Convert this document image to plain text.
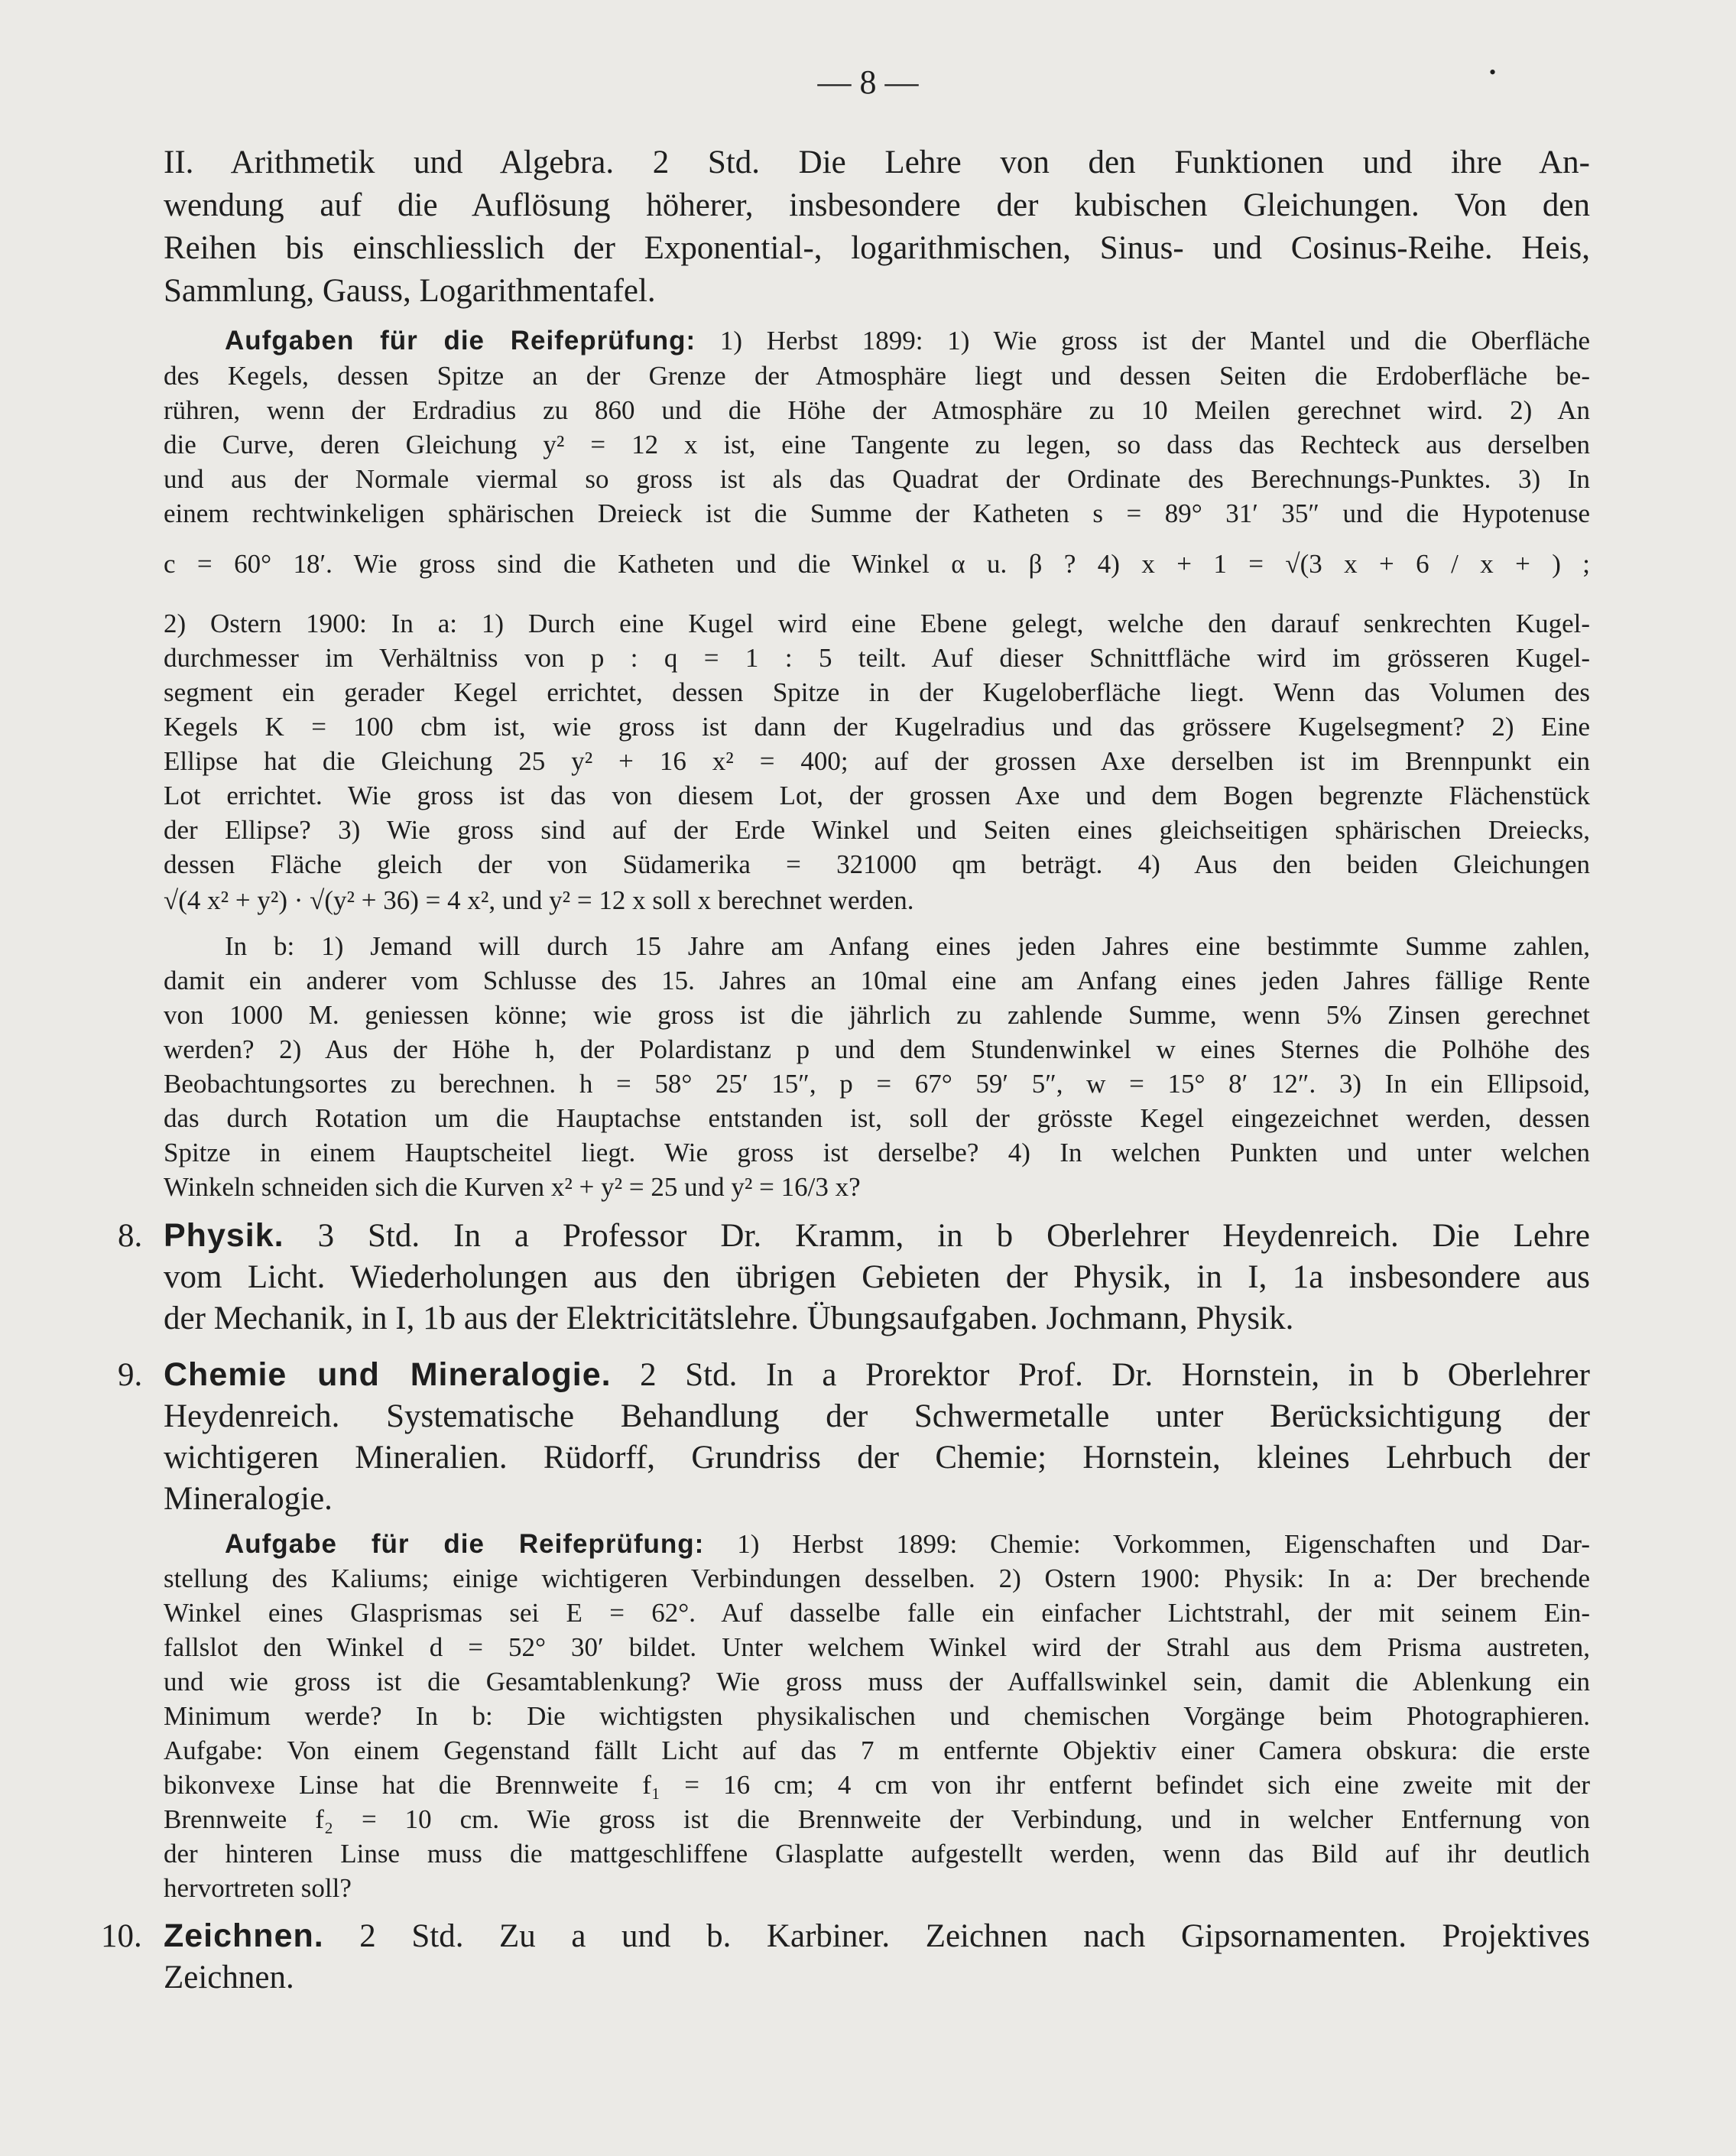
— 8 —	•
II. Arithmetik und Algebra. 2 Std. Die Lehre von den Funktionen und ihre An-
wendung auf die Auflösung höherer, insbesondere der kubischen Gleichungen. Von den
Reihen bis einschliesslich der Exponential-, logarithmischen, Sinus- und Cosinus-Reihe. Heis,
Sammlung, Gauss, Logarithmentafel.
Aufgaben für die Reifeprüfung: 1) Herbst 1899: 1) Wie gross ist der Mantel und die Oberfläche
des Kegels, dessen Spitze an der Grenze der Atmosphäre liegt und dessen Seiten die Erdoberfläche be-
rühren, wenn der Erdradius zu 860 und die Höhe der Atmosphäre zu 10 Meilen gerechnet wird. 2) An
die Curve, deren Gleichung y² = 12 x ist, eine Tangente zu legen, so dass das Rechteck aus derselben
und aus der Normale viermal so gross ist als das Quadrat der Ordinate des Berechnungs-Punktes. 3) In
einem rechtwinkeligen sphärischen Dreieck ist die Summe der Katheten s = 89° 31′ 35″ und die Hypotenuse
c = 60° 18′. Wie gross sind die Katheten und die Winkel α u. β ? 4) x + 1 = √(3 x + 6 / x + ) ;
2) Ostern 1900: In a: 1) Durch eine Kugel wird eine Ebene gelegt, welche den darauf senkrechten Kugel-
durchmesser im Verhältniss von p : q = 1 : 5 teilt. Auf dieser Schnittfläche wird im grösseren Kugel-
segment ein gerader Kegel errichtet, dessen Spitze in der Kugeloberfläche liegt. Wenn das Volumen des
Kegels K = 100 cbm ist, wie gross ist dann der Kugelradius und das grössere Kugelsegment? 2) Eine
Ellipse hat die Gleichung 25 y² + 16 x² = 400; auf der grossen Axe derselben ist im Brennpunkt ein
Lot errichtet. Wie gross ist das von diesem Lot, der grossen Axe und dem Bogen begrenzte Flächenstück
der Ellipse? 3) Wie gross sind auf der Erde Winkel und Seiten eines gleichseitigen sphärischen Dreiecks,
dessen Fläche gleich der von Südamerika = 321000 qm beträgt. 4) Aus den beiden Gleichungen
√(4 x² + y²) · √(y² + 36) = 4 x², und y² = 12 x soll x berechnet werden.
In b: 1) Jemand will durch 15 Jahre am Anfang eines jeden Jahres eine bestimmte Summe zahlen,
damit ein anderer vom Schlusse des 15. Jahres an 10mal eine am Anfang eines jeden Jahres fällige Rente
von 1000 M. geniessen könne; wie gross ist die jährlich zu zahlende Summe, wenn 5% Zinsen gerechnet
werden? 2) Aus der Höhe h, der Polardistanz p und dem Stundenwinkel w eines Sternes die Polhöhe des
Beobachtungsortes zu berechnen. h = 58° 25′ 15″, p = 67° 59′ 5″, w = 15° 8′ 12″. 3) In ein Ellipsoid,
das durch Rotation um die Hauptachse entstanden ist, soll der grösste Kegel eingezeichnet werden, dessen
Spitze in einem Hauptscheitel liegt. Wie gross ist derselbe? 4) In welchen Punkten und unter welchen
Winkeln schneiden sich die Kurven x² + y² = 25 und y² = 16/3 x?
8. Physik. 3 Std. In a Professor Dr. Kramm, in b Oberlehrer Heydenreich. Die Lehre
vom Licht. Wiederholungen aus den übrigen Gebieten der Physik, in I, 1a insbesondere aus
der Mechanik, in I, 1b aus der Elektricitätslehre. Übungsaufgaben. Jochmann, Physik.
9. Chemie und Mineralogie. 2 Std. In a Prorektor Prof. Dr. Hornstein, in b Oberlehrer
Heydenreich. Systematische Behandlung der Schwermetalle unter Berücksichtigung der
wichtigeren Mineralien. Rüdorff, Grundriss der Chemie; Hornstein, kleines Lehrbuch der
Mineralogie.
Aufgabe für die Reifeprüfung: 1) Herbst 1899: Chemie: Vorkommen, Eigenschaften und Dar-
stellung des Kaliums; einige wichtigeren Verbindungen desselben. 2) Ostern 1900: Physik: In a: Der brechende
Winkel eines Glasprismas sei E = 62°. Auf dasselbe falle ein einfacher Lichtstrahl, der mit seinem Ein-
fallslot den Winkel d = 52° 30′ bildet. Unter welchem Winkel wird der Strahl aus dem Prisma austreten,
und wie gross ist die Gesamtablenkung? Wie gross muss der Auffallswinkel sein, damit die Ablenkung ein
Minimum werde? In b: Die wichtigsten physikalischen und chemischen Vorgänge beim Photographieren.
Aufgabe: Von einem Gegenstand fällt Licht auf das 7 m entfernte Objektiv einer Camera obskura: die erste
bikonvexe Linse hat die Brennweite f₁ = 16 cm; 4 cm von ihr entfernt befindet sich eine zweite mit der
Brennweite f₂ = 10 cm. Wie gross ist die Brennweite der Verbindung, und in welcher Entfernung von
der hinteren Linse muss die mattgeschliffene Glasplatte aufgestellt werden, wenn das Bild auf ihr deutlich
hervortreten soll?
10. Zeichnen. 2 Std. Zu a und b. Karbiner. Zeichnen nach Gipsornamenten. Projektives
Zeichnen.
